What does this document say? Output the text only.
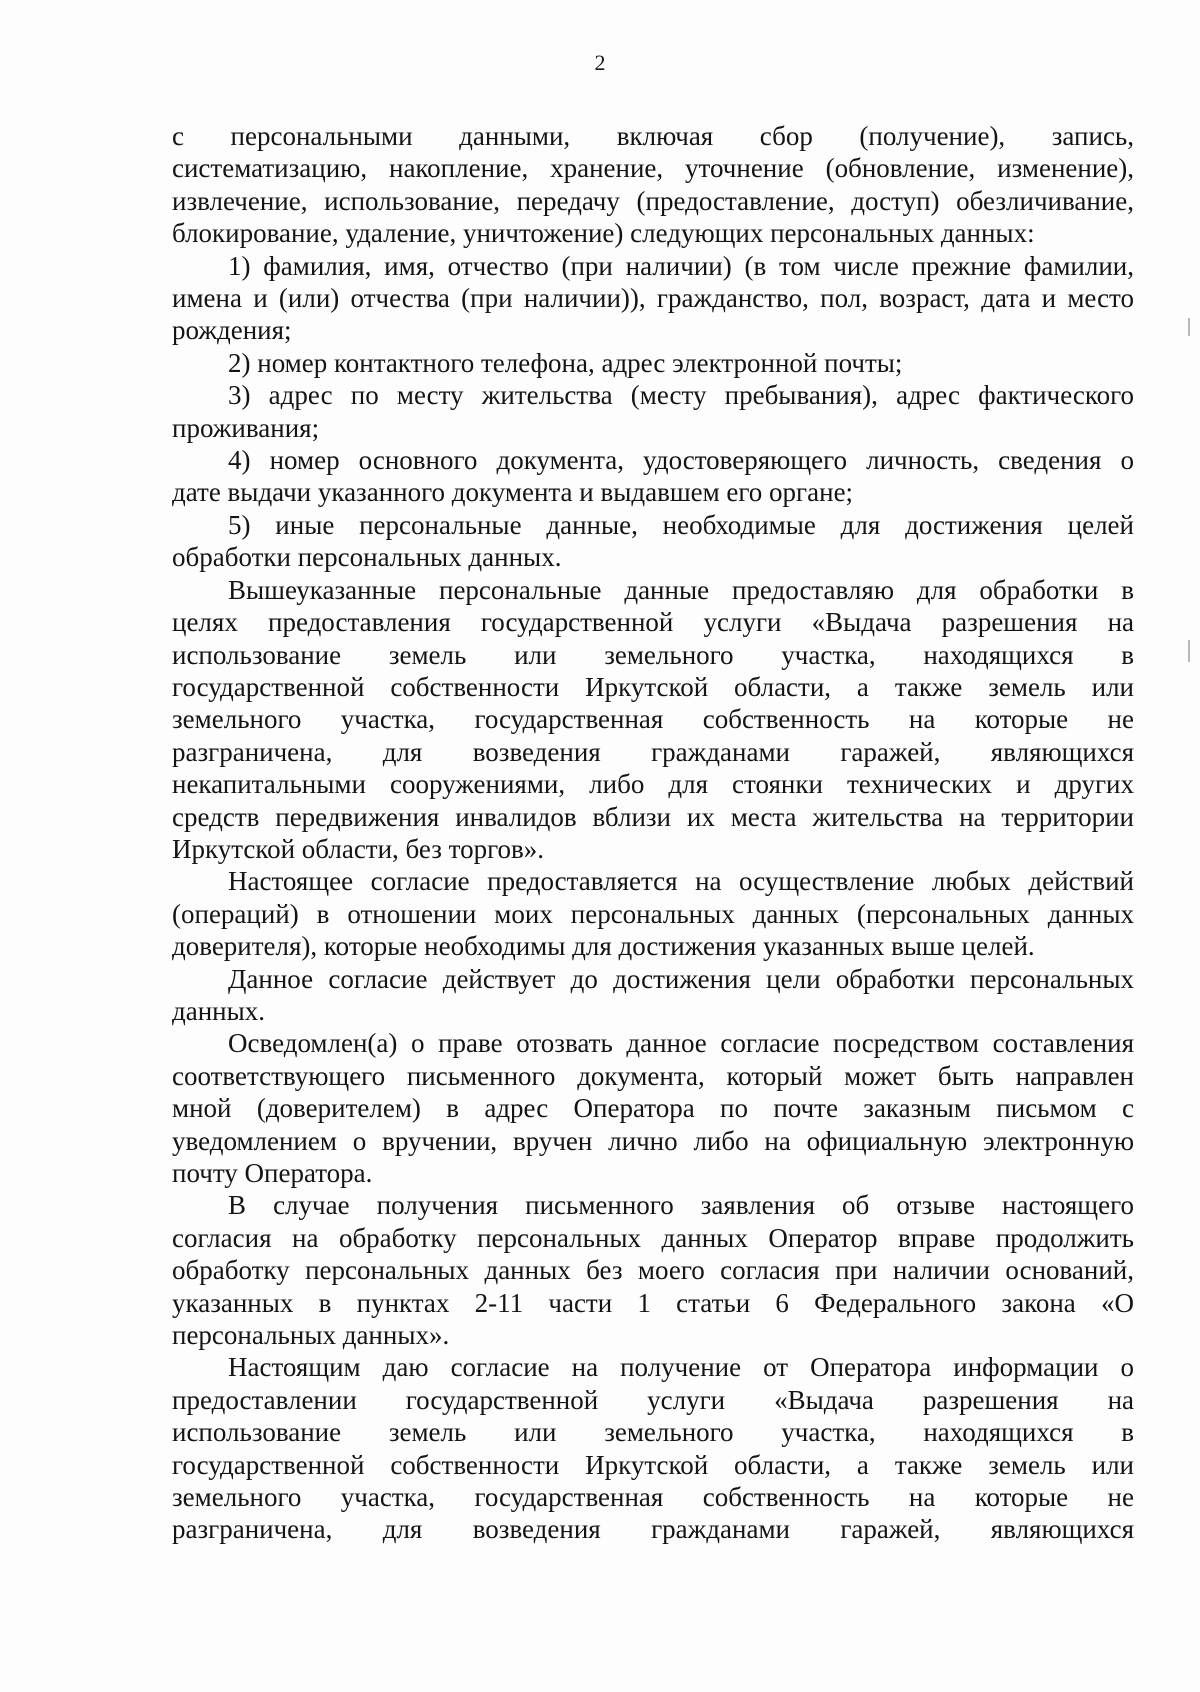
2
с персональными данными, включая сбор (получение), запись,
систематизацию, накопление, хранение, уточнение (обновление, изменение),
извлечение, использование, передачу (предоставление, доступ) обезличивание,
блокирование, удаление, уничтожение) следующих персональных данных:
1) фамилия, имя, отчество (при наличии) (в том числе прежние фамилии,
имена и (или) отчества (при наличии)), гражданство, пол, возраст, дата и место
рождения;
2) номер контактного телефона, адрес электронной почты;
3) адрес по месту жительства (месту пребывания), адрес фактического
проживания;
4) номер основного документа, удостоверяющего личность, сведения о
дате выдачи указанного документа и выдавшем его органе;
5) иные персональные данные, необходимые для достижения целей
обработки персональных данных.
Вышеуказанные персональные данные предоставляю для обработки в
целях предоставления государственной услуги «Выдача разрешения на
использование земель или земельного участка, находящихся в
государственной собственности Иркутской области, а также земель или
земельного участка, государственная собственность на которые не
разграничена, для возведения гражданами гаражей, являющихся
некапитальными сооружениями, либо для стоянки технических и других
средств передвижения инвалидов вблизи их места жительства на территории
Иркутской области, без торгов».
Настоящее согласие предоставляется на осуществление любых действий
(операций) в отношении моих персональных данных (персональных данных
доверителя), которые необходимы для достижения указанных выше целей.
Данное согласие действует до достижения цели обработки персональных
данных.
Осведомлен(а) о праве отозвать данное согласие посредством составления
соответствующего письменного документа, который может быть направлен
мной (доверителем) в адрес Оператора по почте заказным письмом с
уведомлением о вручении, вручен лично либо на официальную электронную
почту Оператора.
В случае получения письменного заявления об отзыве настоящего
согласия на обработку персональных данных Оператор вправе продолжить
обработку персональных данных без моего согласия при наличии оснований,
указанных в пунктах 2-11 части 1 статьи 6 Федерального закона «О
персональных данных».
Настоящим даю согласие на получение от Оператора информации о
предоставлении государственной услуги «Выдача разрешения на
использование земель или земельного участка, находящихся в
государственной собственности Иркутской области, а также земель или
земельного участка, государственная собственность на которые не
разграничена, для возведения гражданами гаражей, являющихся
